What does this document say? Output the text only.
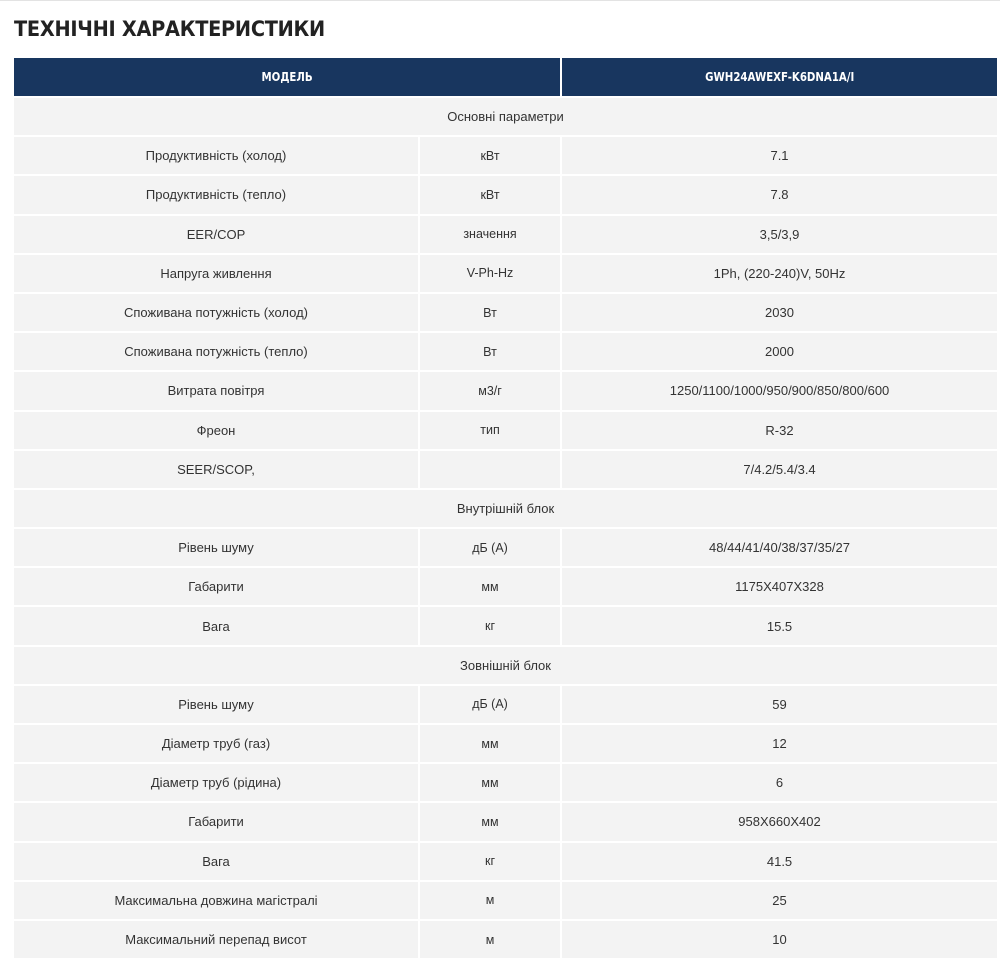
ТЕХНІЧНІ ХАРАКТЕРИСТИКИ
МОДЕЛЬ		GWH24AWEXF-K6DNA1A/I
Основні параметри		
Продуктивність (холод)	кВт	7.1
Продуктивність (тепло)	кВт	7.8
EER/COP	значення	3,5/3,9
Напруга живлення	V-Ph-Hz	1Ph, (220-240)V, 50Hz
Споживана потужність (холод)	Вт	2030
Споживана потужність (тепло)	Вт	2000
Витрата повітря	м3/г	1250/1100/1000/950/900/850/800/600
Фреон	тип	R-32
SEER/SCOP,		7/4.2/5.4/3.4
Внутрішній блок		
Рівень шуму	дБ (А)	48/44/41/40/38/37/35/27
Габарити	мм	1175X407X328
Вага	кг	15.5
Зовнішній блок		
Рівень шуму	дБ (А)	59
Діаметр труб (газ)	мм	12
Діаметр труб (рідина)	мм	6
Габарити	мм	958X660X402
Вага	кг	41.5
Максимальна довжина магістралі	м	25
Максимальний перепад висот	м	10
